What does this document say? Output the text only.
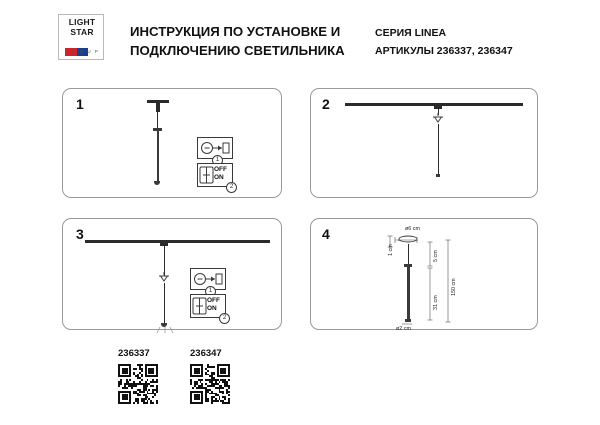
LIGHT
STAR
G R O U P
ИНСТРУКЦИЯ ПО УСТАНОВКЕ И
ПОДКЛЮЧЕНИЮ СВЕТИЛЬНИКА
СЕРИЯ LINEA
АРТИКУЛЫ 236337, 236347
1
1
OFF
ON
2
2
3
1
OFF
ON
2
4	ø6 cm
1 cm
5 cm
31 cm
150 cm
ø2 cm
236337	236347
